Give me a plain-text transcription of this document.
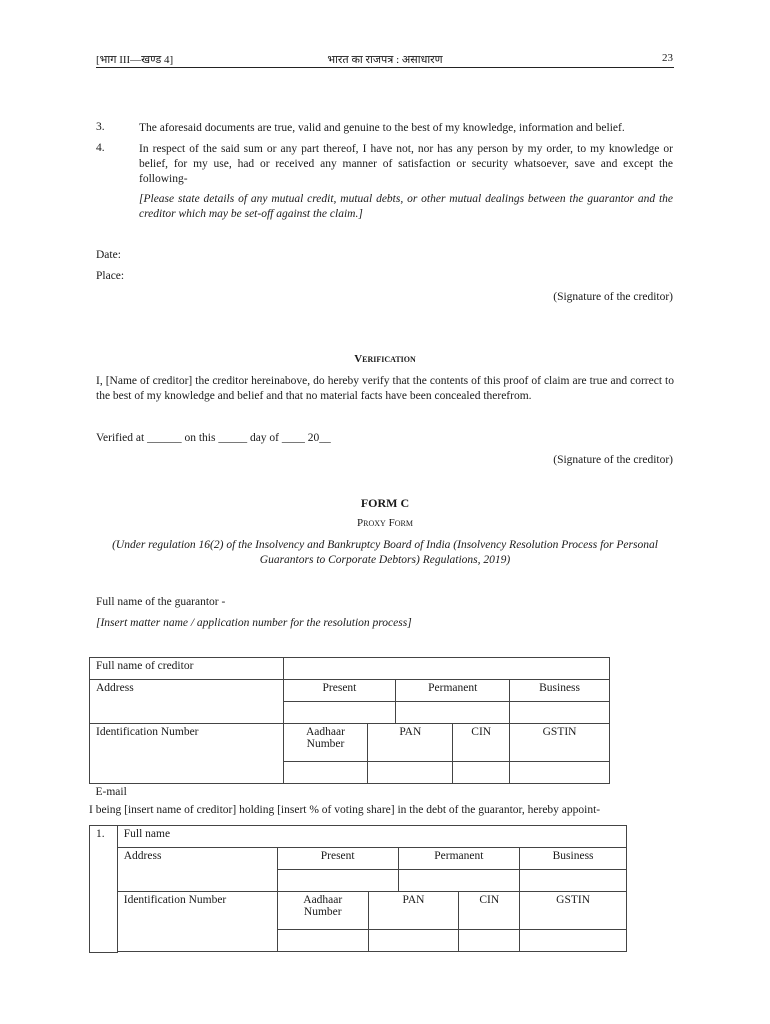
[भाग III—खण्ड 4]	भारत का राजपत्र : असाधारण	23
3.	The aforesaid documents are true, valid and genuine to the best of my knowledge, information and belief.
4.	In respect of the said sum or any part thereof, I have not, nor has any person by my order, to my knowledge or belief, for my use, had or received any manner of satisfaction or security whatsoever, save and except the following-
[Please state details of any mutual credit, mutual debts, or other mutual dealings between the guarantor and the creditor which may be set-off against the claim.]
Date:
Place:
(Signature of the creditor)
Verification
I, [Name of creditor] the creditor hereinabove, do hereby verify that the contents of this proof of claim are true and correct to the best of my knowledge and belief and that no material facts have been concealed therefrom.
Verified at ______ on this _____ day of ____ 20__
(Signature of the creditor)
FORM C
Proxy Form
(Under regulation 16(2) of the Insolvency and Bankruptcy Board of India (Insolvency Resolution Process for Personal Guarantors to Corporate Debtors) Regulations, 2019)
Full name of the guarantor -
[Insert matter name / application number for the resolution process]
Full name of creditor					
Address	Present		Permanent		Business

Identification Number	Aadhaar Number	PAN		CIN	GSTIN

E-mail					
I being [insert name of creditor] holding [insert % of voting share] in the debt of the guarantor, hereby appoint-
1.	Full name					
	Address	Present		Permanent		Business

	Identification Number	Aadhaar Number	PAN		CIN	GSTIN
